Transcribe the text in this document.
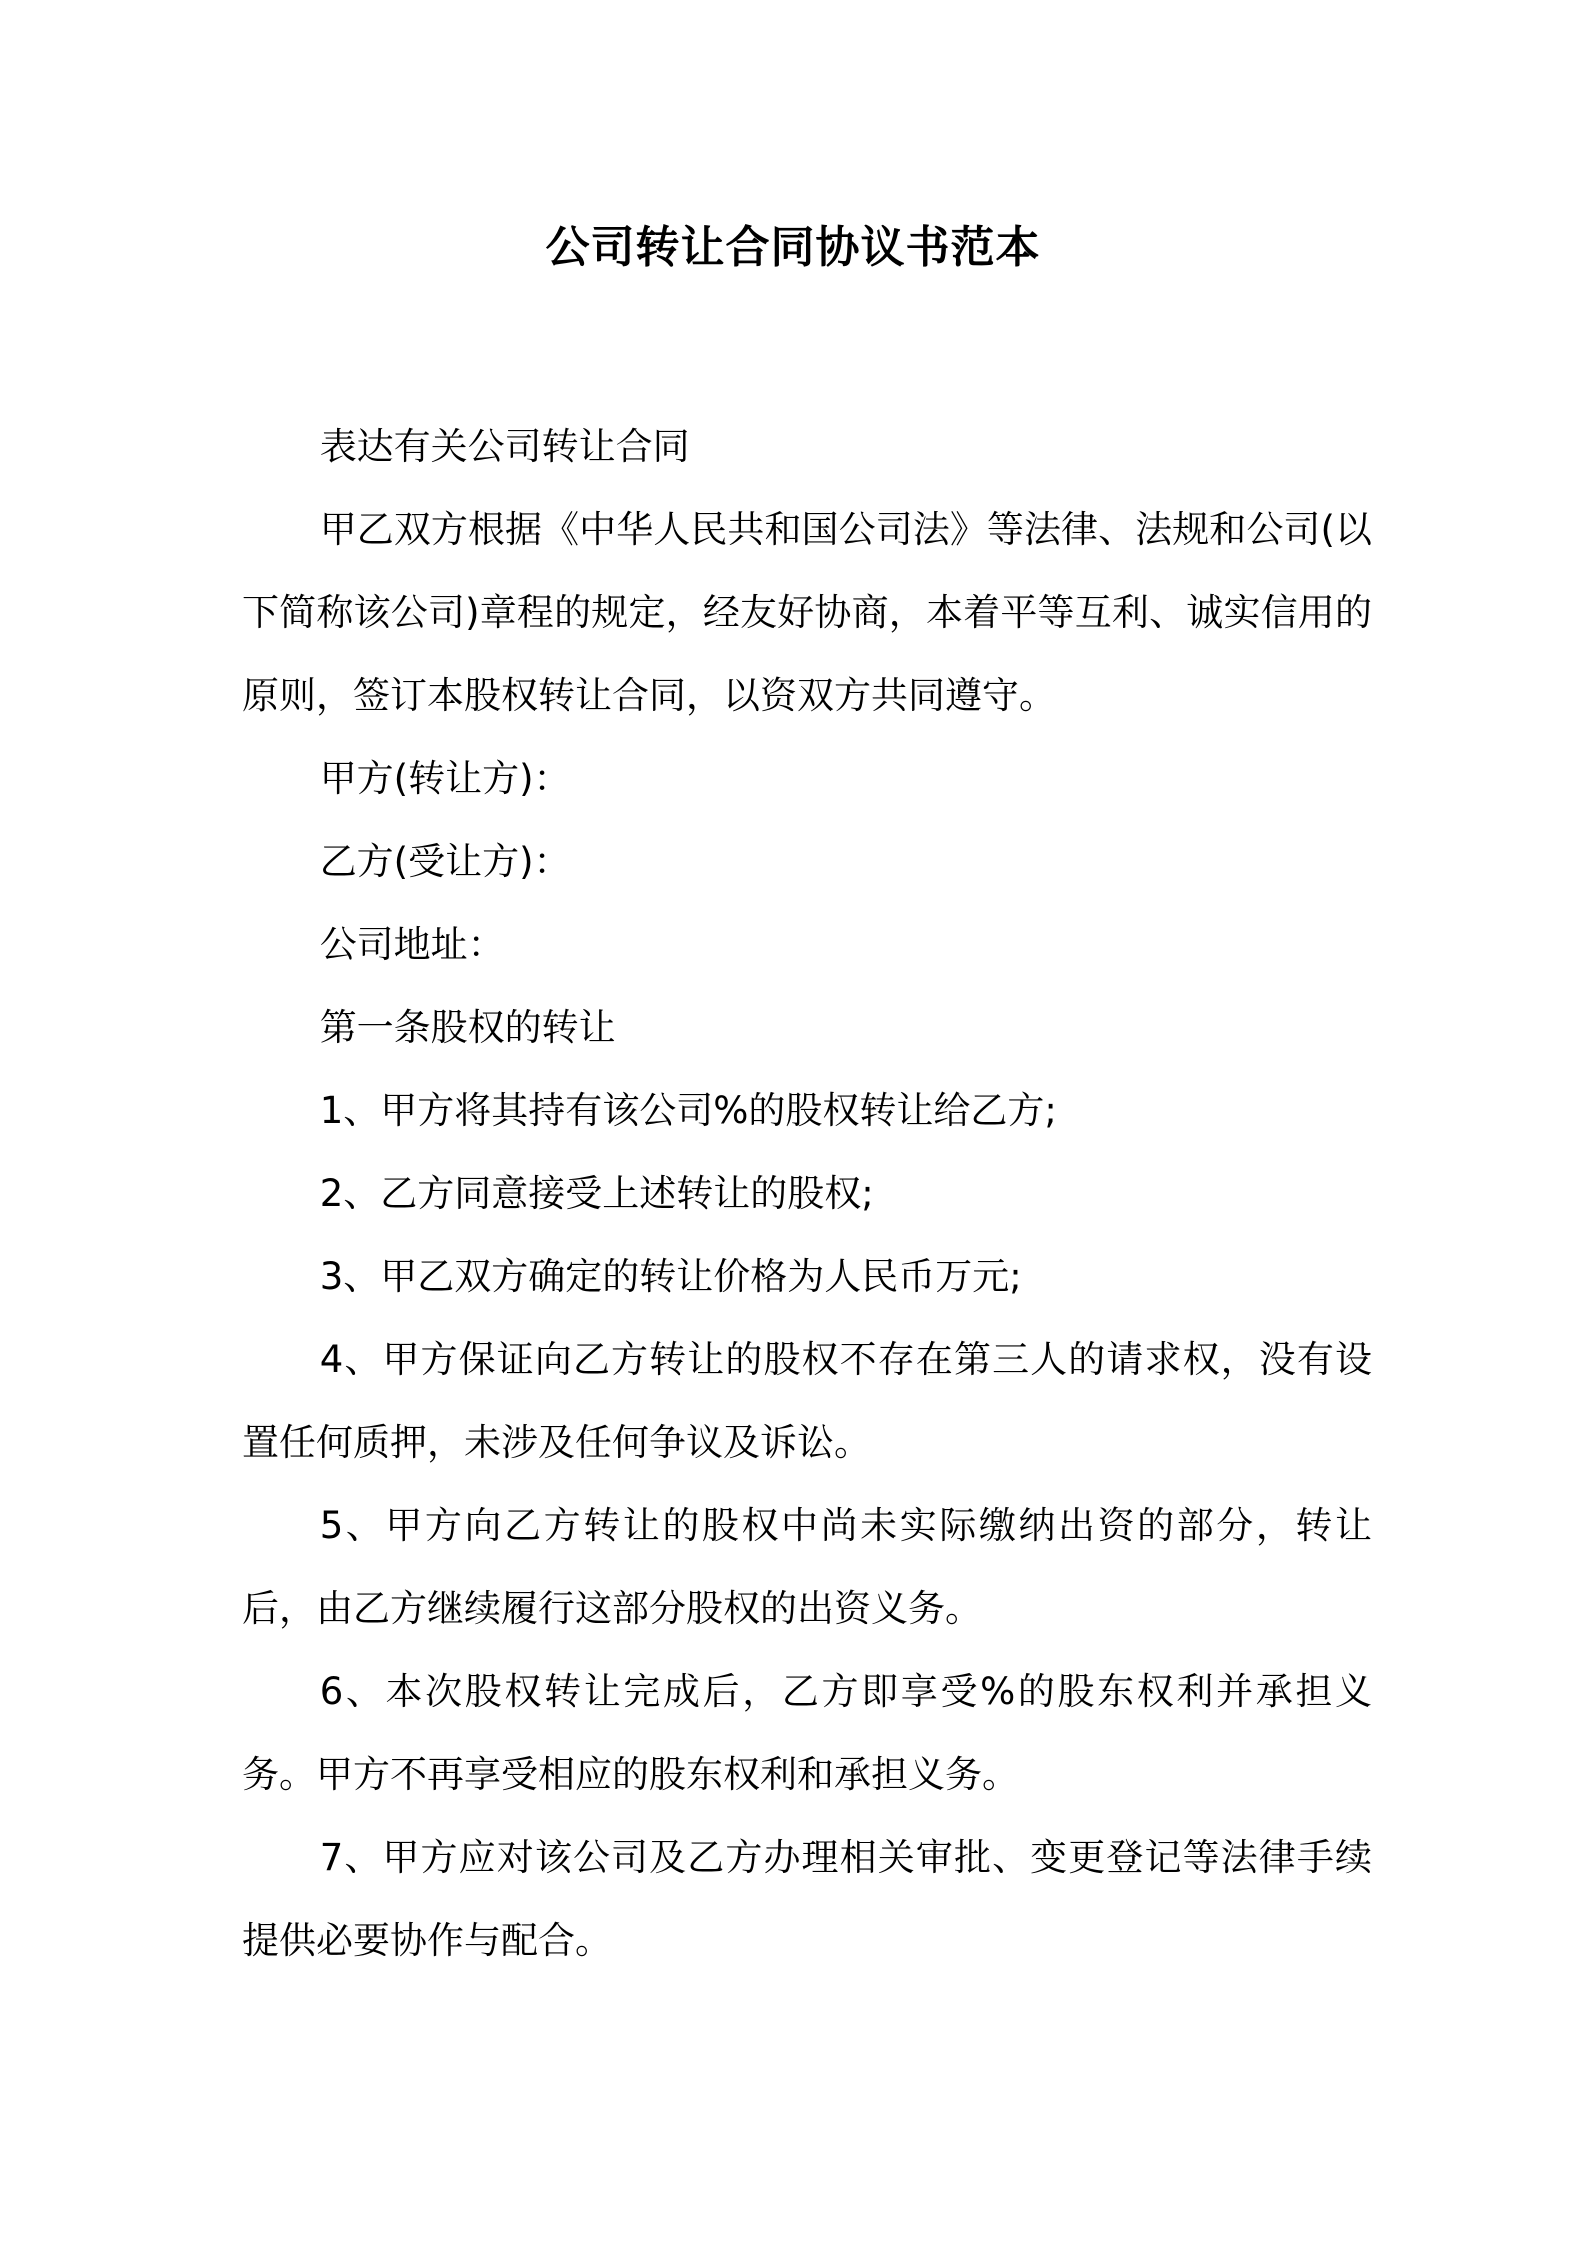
公司转让合同协议书范本

表达有关公司转让合同

甲乙双方根据《中华人民共和国公司法》等法律、法规和公司(以下简称该公司)章程的规定，经友好协商，本着平等互利、诚实信用的原则，签订本股权转让合同，以资双方共同遵守。

甲方(转让方)：

乙方(受让方)：

公司地址：

第一条股权的转让

1、甲方将其持有该公司%的股权转让给乙方;

2、乙方同意接受上述转让的股权;

3、甲乙双方确定的转让价格为人民币万元;

4、甲方保证向乙方转让的股权不存在第三人的请求权，没有设置任何质押，未涉及任何争议及诉讼。

5、甲方向乙方转让的股权中尚未实际缴纳出资的部分，转让后，由乙方继续履行这部分股权的出资义务。

6、本次股权转让完成后，乙方即享受%的股东权利并承担义务。甲方不再享受相应的股东权利和承担义务。

7、甲方应对该公司及乙方办理相关审批、变更登记等法律手续提供必要协作与配合。
